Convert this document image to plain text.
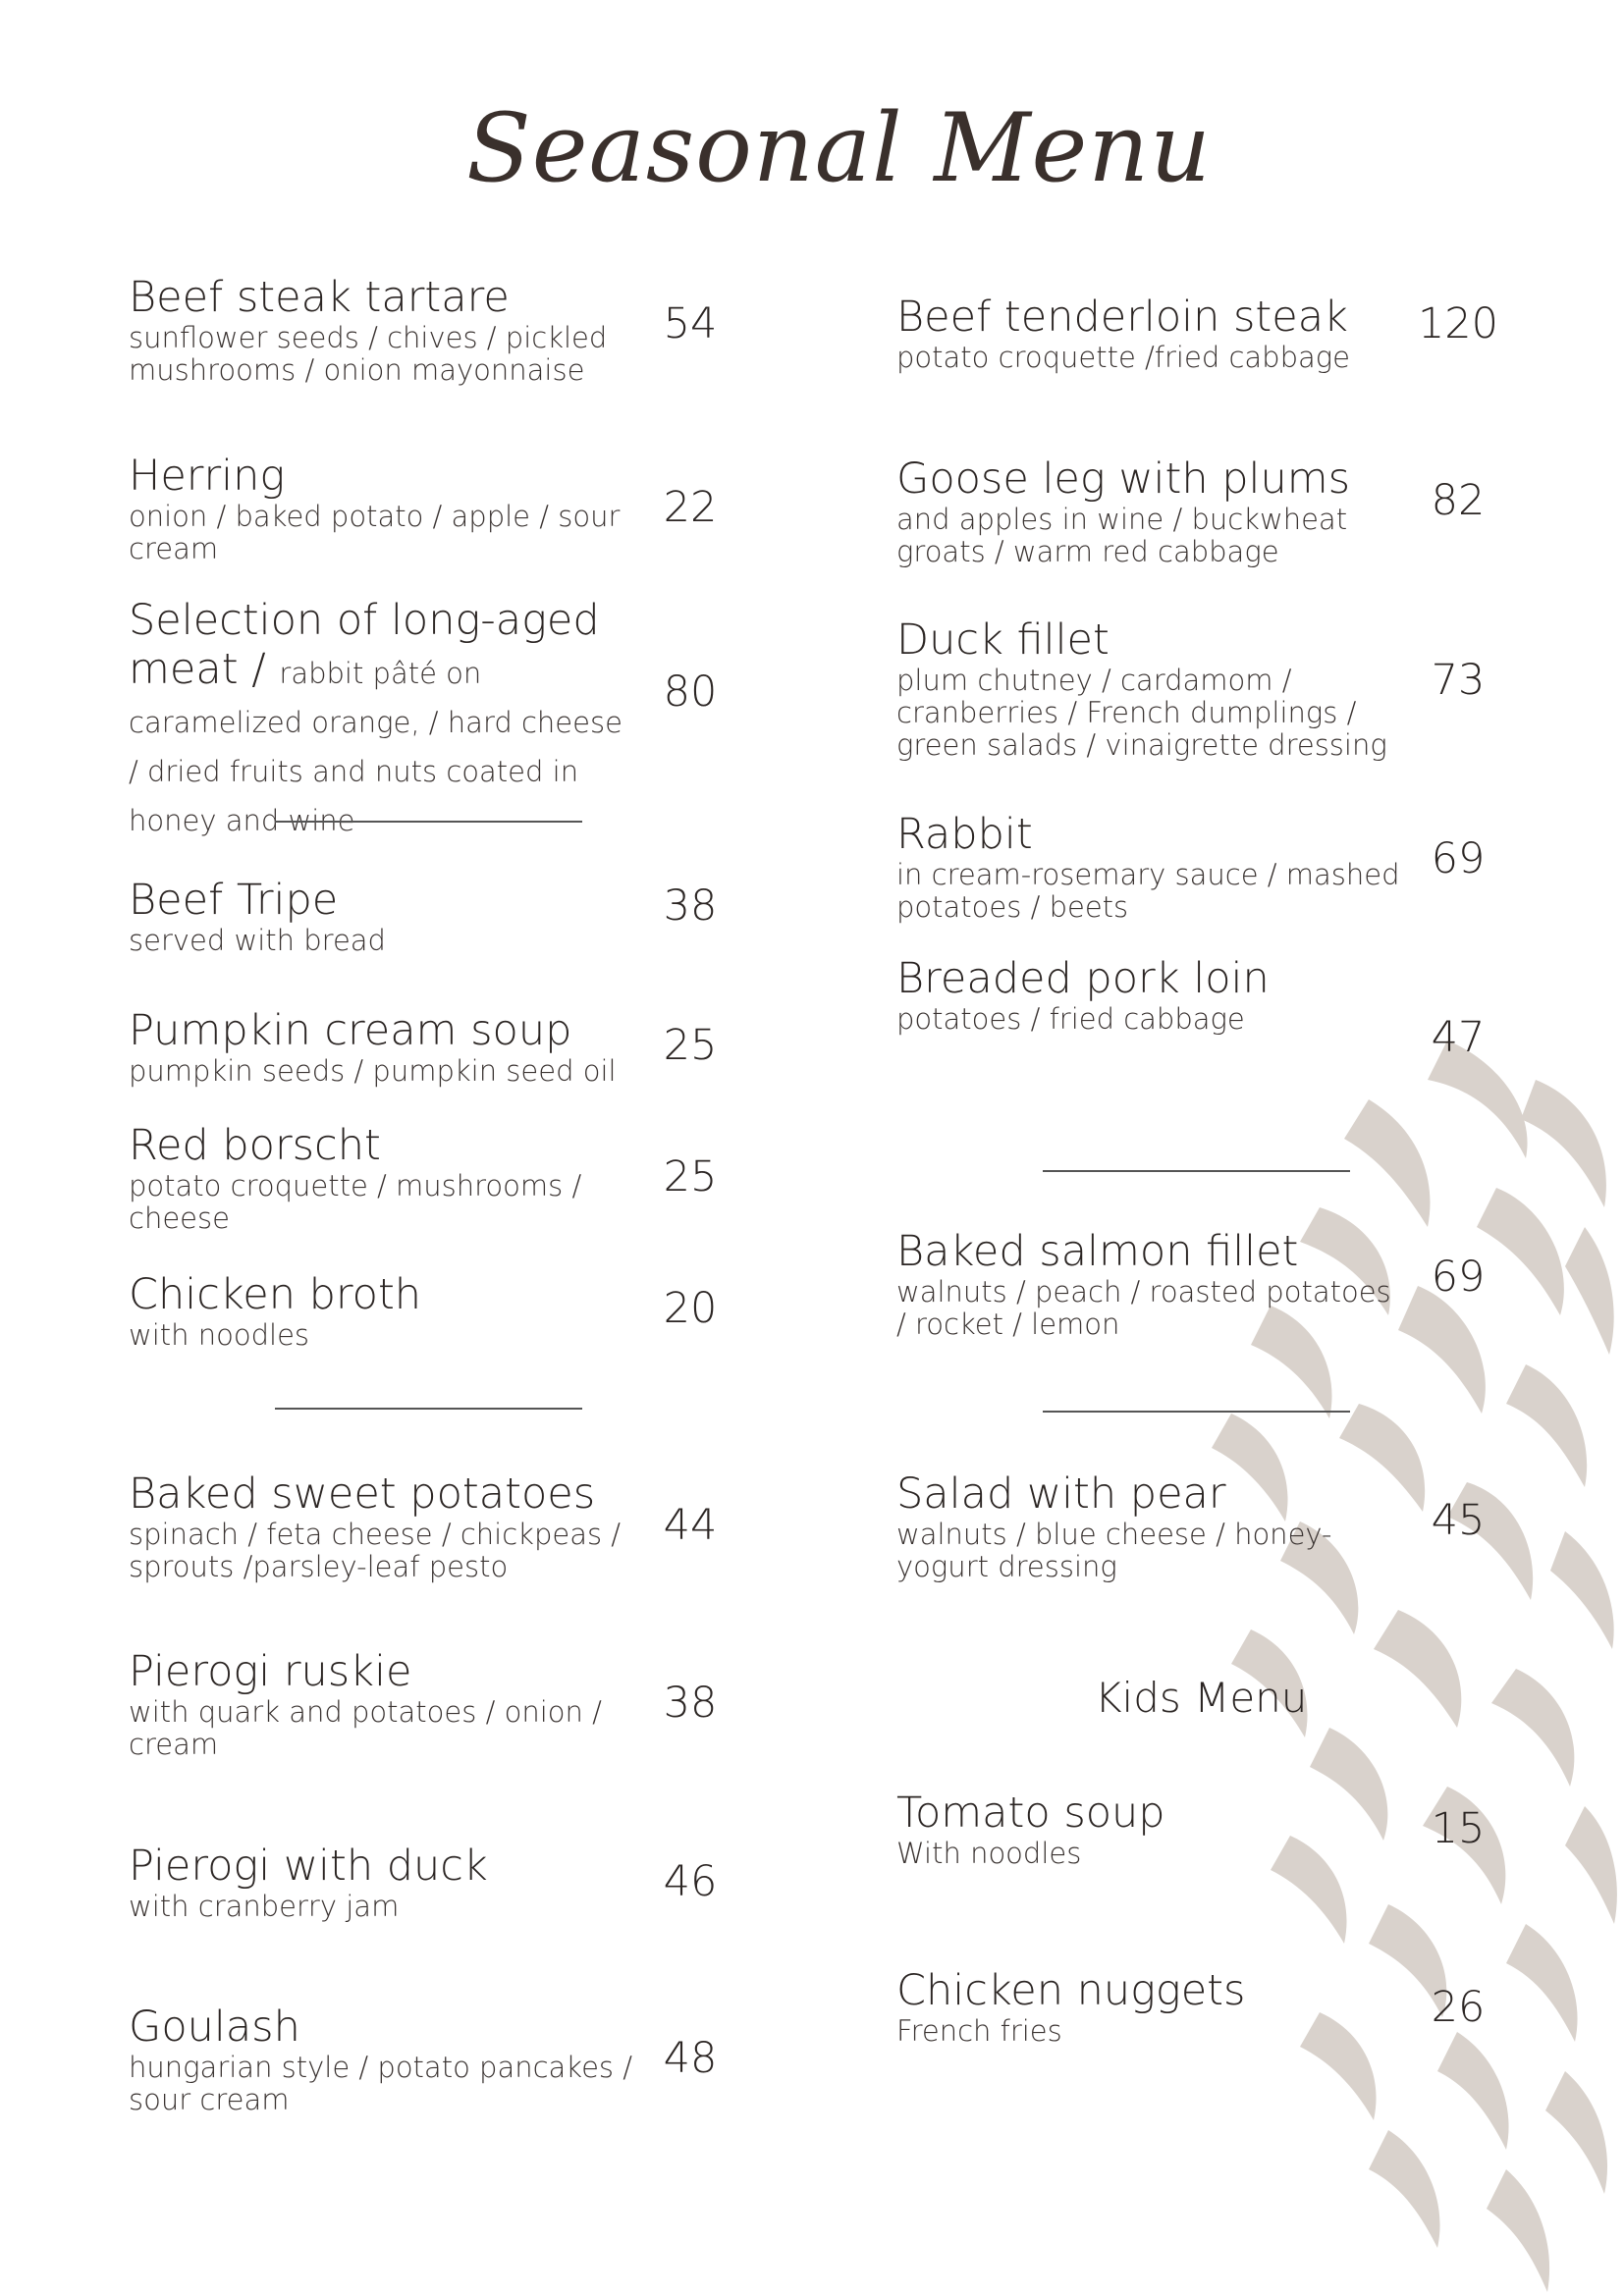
Seasonal Menu
Beef steak tartare
sunflower seeds / chives / pickled mushrooms / onion mayonnaise
54
Herring
onion / baked potato / apple / sour cream
22
Selection of long-aged meat / rabbit pâté on caramelized orange, / hard cheese / dried fruits and nuts coated in honey and wine
80
Beef Tripe
served with bread
38
Pumpkin cream soup
pumpkin seeds / pumpkin seed oil
25
Red borscht
potato croquette / mushrooms / cheese
25
Chicken broth
with noodles
20
Baked sweet potatoes
spinach / feta cheese / chickpeas / sprouts /parsley-leaf pesto
44
Pierogi ruskie
with quark and potatoes / onion / cream
38
Pierogi with duck
with cranberry jam	46
Goulash
hungarian style / potato pancakes / sour cream
48
Beef tenderloin steak
potato croquette /fried cabbage
120
Goose leg with plums
and apples in wine / buckwheat groats / warm red cabbage
82
Duck fillet
plum chutney / cardamom / cranberries / French dumplings / green salads / vinaigrette dressing
73
Rabbit
in cream-rosemary sauce / mashed potatoes / beets
69
Breaded pork loin
potatoes / fried cabbage	47
Baked salmon fillet
walnuts / peach / roasted potatoes / rocket / lemon
69
Salad with pear
walnuts / blue cheese / honey-yogurt dressing
45
Kids Menu
Tomato soup
With noodles	15
Chicken nuggets
French fries	26
